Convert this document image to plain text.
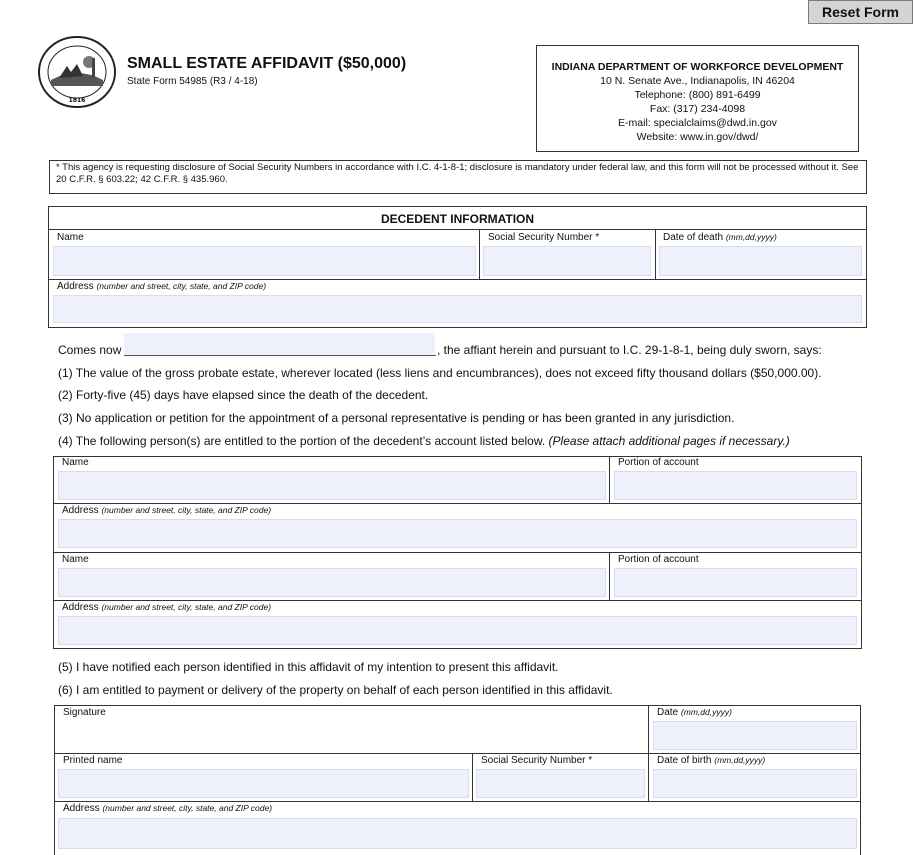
Reset Form
1816
SMALL ESTATE AFFIDAVIT ($50,000)
State Form 54985 (R3 / 4-18)
INDIANA DEPARTMENT OF WORKFORCE DEVELOPMENT
10 N. Senate Ave., Indianapolis, IN 46204
Telephone: (800) 891-6499
Fax: (317) 234-4098
E-mail: specialclaims@dwd.in.gov
Website: www.in.gov/dwd/
* This agency is requesting disclosure of Social Security Numbers in accordance with I.C. 4-1-8-1; disclosure is mandatory under federal law, and this form will not be processed without it. See 20 C.F.R. § 603.22; 42 C.F.R. § 435.960.
DECEDENT INFORMATION
Name	Social Security Number *	Date of death (mm,dd,yyyy)
Address (number and street, city, state, and ZIP code)
Comes now	, the affiant herein and pursuant to I.C. 29-1-8-1, being duly sworn, says:
(1) The value of the gross probate estate, wherever located (less liens and encumbrances), does not exceed fifty thousand dollars ($50,000.00).
(2) Forty-five (45) days have elapsed since the death of the decedent.
(3) No application or petition for the appointment of a personal representative is pending or has been granted in any jurisdiction.
(4) The following person(s) are entitled to the portion of the decedent’s account listed below. (Please attach additional pages if necessary.)
Name	Portion of account
Address (number and street, city, state, and ZIP code)
Name	Portion of account
Address (number and street, city, state, and ZIP code)
(5) I have notified each person identified in this affidavit of my intention to present this affidavit.
(6) I am entitled to payment or delivery of the property on behalf of each person identified in this affidavit.
Signature	Date (mm,dd,yyyy)
Printed name	Social Security Number *	Date of birth (mm,dd,yyyy)
Address (number and street, city, state, and ZIP code)
